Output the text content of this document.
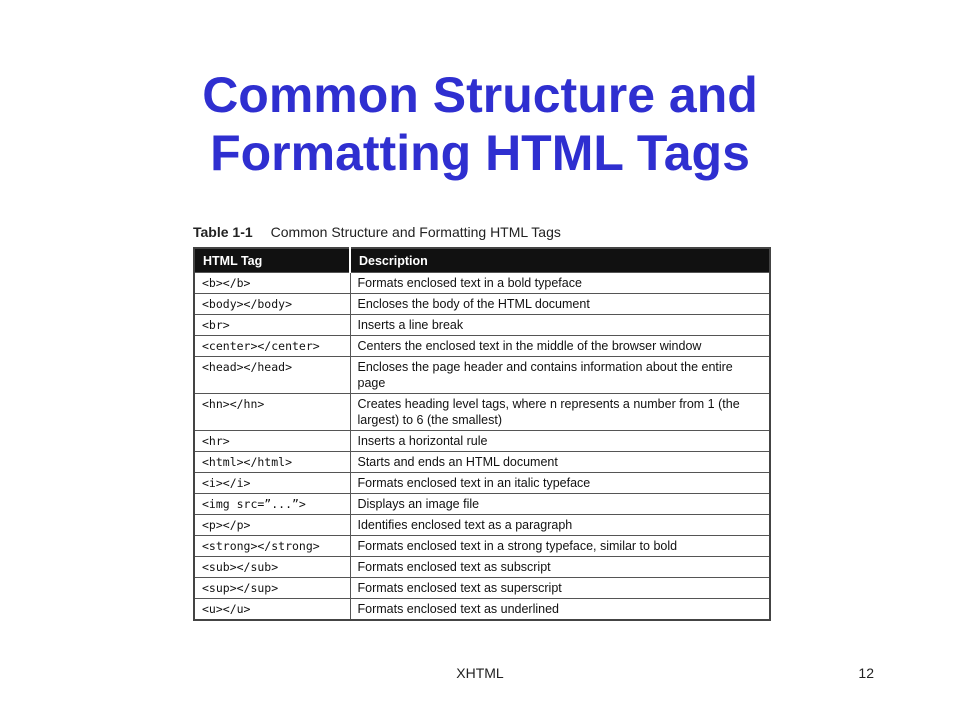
Common Structure and
Formatting HTML Tags
Table 1-1 Common Structure and Formatting HTML Tags
HTML Tag	Description
<b></b>	Formats enclosed text in a bold typeface
<body></body>	Encloses the body of the HTML document
<br>	Inserts a line break
<center></center>	Centers the enclosed text in the middle of the browser window
<head></head>	Encloses the page header and contains information about the entire page
<hn></hn>	Creates heading level tags, where n represents a number from 1 (the largest) to 6 (the smallest)
<hr>	Inserts a horizontal rule
<html></html>	Starts and ends an HTML document
<i></i>	Formats enclosed text in an italic typeface
<img src=”...”>	Displays an image file
<p></p>	Identifies enclosed text as a paragraph
<strong></strong>	Formats enclosed text in a strong typeface, similar to bold
<sub></sub>	Formats enclosed text as subscript
<sup></sup>	Formats enclosed text as superscript
<u></u>	Formats enclosed text as underlined
XHTML	12
